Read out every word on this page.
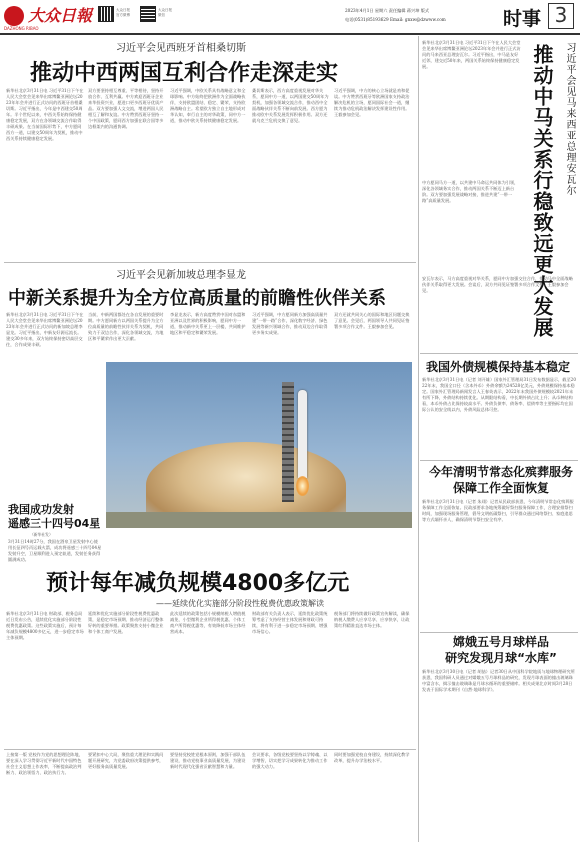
大众日報
DAZHONG RIBAO
大众日报
官方微博
大众日报
微信
2023年4月1日 星期六 责任编辑 蒋兴坤 版式
电话(0531)85193629 Email: gnxw@dzwww.com	时事 3
习近平会见西班牙首相桑切斯
推动中西两国互利合作走深走实
新华社北京3月31日电 习近平31日下午在人民大会堂会见来华出席博鳌亚洲论坛2023年年会并进行正式访问的西班牙首相桑切斯。习近平指出，今年是中西建交50周年。半个世纪以来，中西关系始终保持健康稳定发展，双方在各领域交流合作取得丰硕成果。在当前国际形势下，中方愿同西方一道，以建交50周年为契机，推动中西关系持续健康稳定发展。
双方要坚持相互尊重、平等相待，坚持开放合作、互利共赢。中方欢迎西班牙企业来华投资兴业，愿进口更多西班牙优质产品。双方要加强人文交流，增进两国人民相互了解和友谊。中方赞赏西班牙坚持一个中国政策，愿同西方加强在联合国等多边框架内的沟通协调。
习近平强调，中欧关系具有战略意义和全球影响。中方始终把欧洲作为全面战略伙伴，支持欧盟团结、稳定、繁荣，支持欧洲战略自主。希望欧方独立自主地形成对华认知，奉行自主的对华政策，同中方一道，推动中欧关系持续健康稳定发展。
桑切斯表示，西方高度重视发展对华关系，愿同中方一道，以两国建交50周年为契机，加强各领域交流合作，推动西中全面战略伙伴关系不断向前发展。西方愿为推动欧中关系发展发挥积极作用。双方还就乌克兰危机交换了意见。
习近平强调，中方的核心立场就是劝和促谈。中方赞赏西班牙等欧洲国家支持政治解决危机的立场，愿同国际社会一道，继续为推动危机政治解决发挥建设性作用。王毅参加会见。
习近平会见新加坡总理李显龙
中新关系提升为全方位高质量的前瞻性伙伴关系
新华社北京3月31日电 习近平31日下午在人民大会堂会见来华出席博鳌亚洲论坛2023年年会并进行正式访问的新加坡总理李显龙。习近平指出，中新友好源远流长。建交30多年来，双方始终保持密切高层交往，合作成果丰硕。
当前，中新两国都处在各自发展的重要时期。中方愿同新方以两国关系提升为全方位高质量的前瞻性伙伴关系为契机，共同致力于双边合作，深化各领域交流，为地区和平繁荣作出更大贡献。
李显龙表示，新方高度赞赏中国对东盟和亚洲以及世界的积极影响，愿同中方一道，推动新中关系更上一层楼，共同维护地区和平稳定和繁荣发展。
习近平强调，中方愿同新方加强高质量共建“一带一路”合作，深化数字经济、绿色发展等新兴领域合作，推动双边合作取得更多务实成果。
双方还就共同关心的国际和地区问题交换了意见。会见后，两国领导人共同见证签署多项合作文件。王毅参加会见。
我国成功发射
遥感三十四号04星
（新华社发）
3月31日14时27分，我国在酒泉卫星发射中心使用长征四号丙运载火箭，成功将遥感三十四号04星发射升空，卫星顺利进入预定轨道，发射任务获得圆满成功。
预计每年减负规模4800多亿元
——延续优化实施部分阶段性税费优惠政策解读
新华社北京3月31日电 财政部、税务总局近日发布公告，延续优化实施部分阶段性税费优惠政策。这些政策实施后，预计每年减负规模4800多亿元，进一步稳定市场主体预期。
延续和优化实施部分阶段性税费优惠政策，是稳定市场预期、推动经济运行整体好转的重要举措。政策聚焦支持小微企业和个体工商户发展。
此次延续的政策包括小规模纳税人增值税减免、小型微利企业所得税优惠、个体工商户所得税优惠等，有效降低市场主体经营成本。
财政部有关负责人表示，延续优化政策统筹考虑了支持经营主体发展和财政可持续，将有利于进一步稳定市场预期、增强市场信心。
税务部门将持续做好政策宣传解读，确保纳税人缴费人应享尽享、应享快享，让政策红利精准直达市场主体。
上接第一版 党校作为党的思想理论阵地，要在深入学习贯彻习近平新时代中国特色社会主义思想上作表率，不断提高政治判断力、政治领悟力、政治执行力。
要紧扣中心大局，聚焦重大理论和实践问题开展研究，为党委政府决策提供参考，更好服务高质量发展。
要坚持党校姓党根本原则，加强干部队伍建设，推动党校事业高质量发展，为建设新时代现代化强省贡献智慧和力量。
会议要求，各级党校要坚持以学铸魂、以学增智，切实把学习成果转化为推动工作的强大动力。
同时要加强党校自身建设，持续深化教学改革，提升办学治校水平。
习近平会见马来西亚总理安瓦尔
推动中马关系行稳致远更大发展
新华社北京3月31日电 习近平31日下午在人民大会堂会见来华出席博鳌亚洲论坛2023年年会并进行正式访问的马来西亚总理安瓦尔。习近平指出，中马是友好近邻，建交近50年来，两国关系始终保持健康稳定发展。
中方愿同马方一道，以共建中马命运共同体为引领，深化各领域务实合作，推动两国关系不断迈上新台阶。双方要加强发展战略对接，推进共建“一带一路”高质量发展。
安瓦尔表示，马方高度重视对华关系，愿同中方加强交往合作，推动马中全面战略伙伴关系取得更大发展。会谈后，双方共同见证签署多项合作文件。王毅参加会见。
我国外债规模保持基本稳定
新华社北京3月31日电（记者 刘开雄）国家外汇管理局31日发布数据显示，截至2022年末，我国全口径（含本外币）外债余额为24528亿美元，外债规模保持基本稳定。国家外汇管理局新闻发言人王春英表示，2022年末我国外债规模较2021年末有所下降，外债结构持续优化。从期限结构看，中长期外债占比上升；从币种结构看，本币外债占比保持较高水平。外债负债率、债务率、偿债率等主要指标均在国际公认的安全线以内，外债风险总体可控。
今年清明节常态化殡葬服务
保障工作全面恢复
新华社北京3月31日电（记者 朱翊）记者从民政部获悉，今年清明节常态化殡葬服务保障工作全面恢复。民政部要求各地统筹做好祭扫服务保障工作，合理安排祭扫时间，加强现场服务管理，倡导文明低碳祭扫，引导群众通过网络祭扫、家庭追思等方式缅怀亲人，确保清明节祭扫安全有序。
嫦娥五号月球样品
研究发现月球“水库”
新华社北京3月30日电（记者 胡喆）记者30日从中国科学院地质与地球物理研究所获悉，我国科研人员通过对嫦娥五号月球样品的研究，发现月球表面的撞击玻璃珠中富含水，揭示撞击玻璃珠是月球水循环的重要储库。相关成果北京时间3月28日发表于国际学术期刊《自然·地球科学》。
